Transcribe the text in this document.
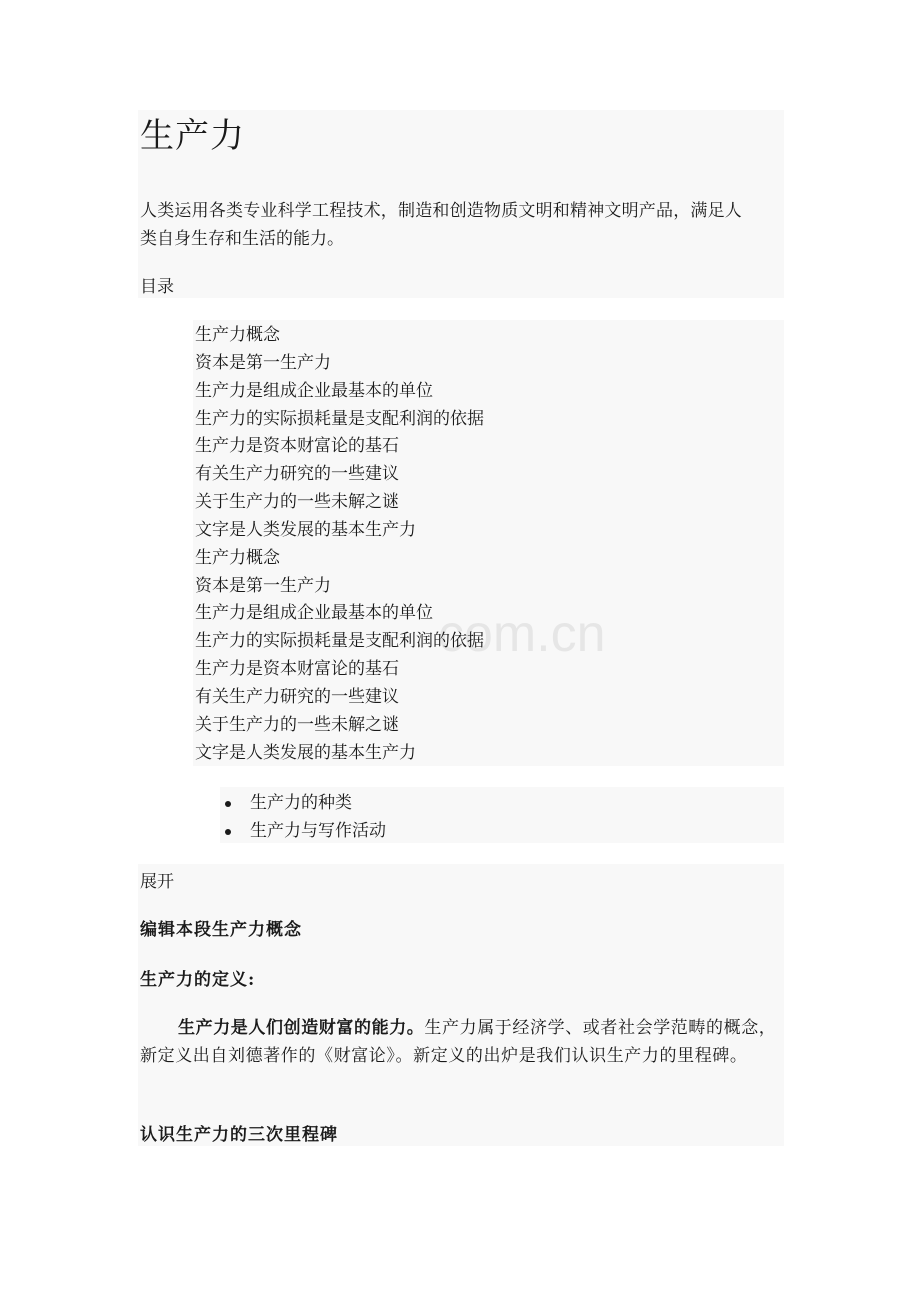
com.cn
生产力
人类运用各类专业科学工程技术，制造和创造物质文明和精神文明产品，满足人
类自身生存和生活的能力。
目录
生产力概念
资本是第一生产力
生产力是组成企业最基本的单位
生产力的实际损耗量是支配利润的依据
生产力是资本财富论的基石
有关生产力研究的一些建议
关于生产力的一些未解之谜
文字是人类发展的基本生产力
生产力概念
资本是第一生产力
生产力是组成企业最基本的单位
生产力的实际损耗量是支配利润的依据
生产力是资本财富论的基石
有关生产力研究的一些建议
关于生产力的一些未解之谜
文字是人类发展的基本生产力
生产力的种类
生产力与写作活动
展开
编辑本段生产力概念
生产力的定义:
生产力是人们创造财富的能力。生产力属于经济学、或者社会学范畴的概念，新定义出自刘德著作的《财富论》。新定义的出炉是我们认识生产力的里程碑。
认识生产力的三次里程碑
